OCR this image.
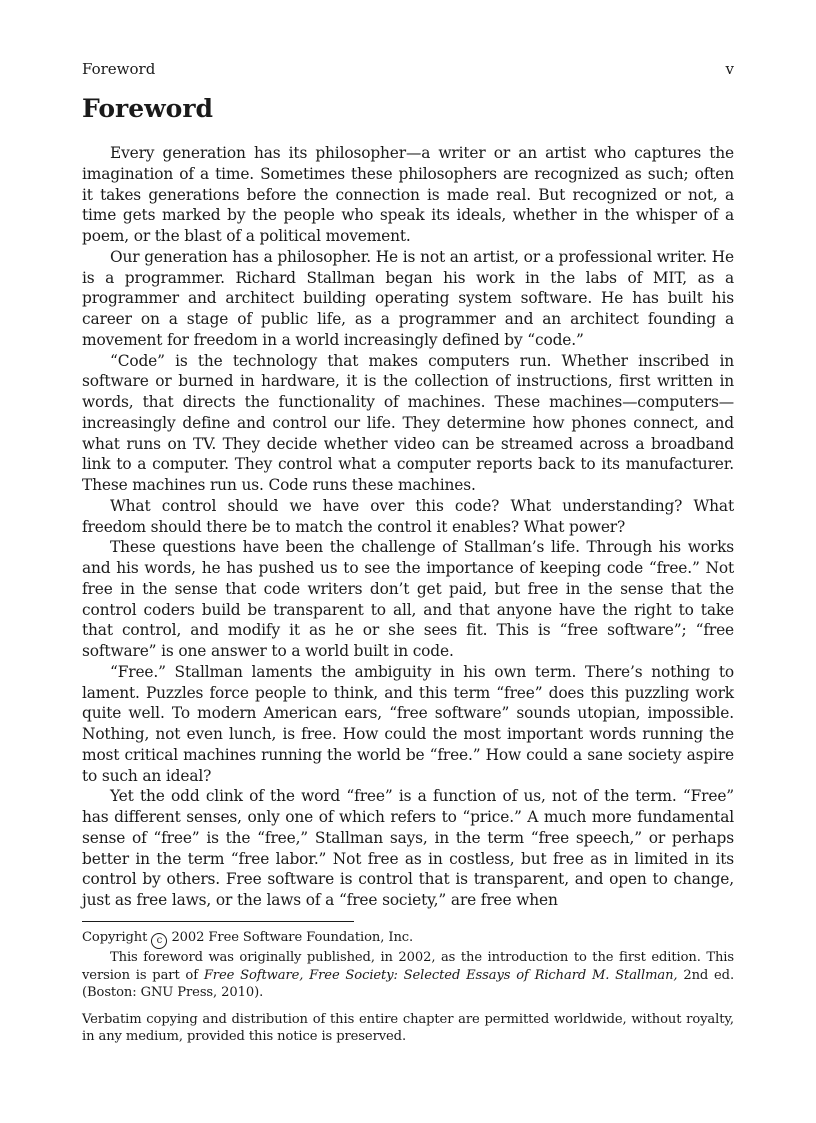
Foreword	v
Foreword

Every generation has its philosopher—a writer or an artist who captures the imagination of a time. Sometimes these philosophers are recognized as such; often it takes generations before the connection is made real. But recognized or not, a time gets marked by the people who speak its ideals, whether in the whisper of a poem, or the blast of a political movement.

Our generation has a philosopher. He is not an artist, or a professional writer. He is a programmer. Richard Stallman began his work in the labs of MIT, as a programmer and architect building operating system software. He has built his career on a stage of public life, as a programmer and an architect founding a movement for freedom in a world increasingly defined by “code.”

“Code” is the technology that makes computers run. Whether inscribed in software or burned in hardware, it is the collection of instructions, first written in words, that directs the functionality of machines. These machines—computers—increasingly define and control our life. They determine how phones connect, and what runs on TV. They decide whether video can be streamed across a broadband link to a computer. They control what a computer reports back to its manufacturer. These machines run us. Code runs these machines.

What control should we have over this code? What understanding? What freedom should there be to match the control it enables? What power?

These questions have been the challenge of Stallman’s life. Through his works and his words, he has pushed us to see the importance of keeping code “free.” Not free in the sense that code writers don’t get paid, but free in the sense that the control coders build be transparent to all, and that anyone have the right to take that control, and modify it as he or she sees fit. This is “free software”; “free software” is one answer to a world built in code.

“Free.” Stallman laments the ambiguity in his own term. There’s nothing to lament. Puzzles force people to think, and this term “free” does this puzzling work quite well. To modern American ears, “free software” sounds utopian, impossible. Nothing, not even lunch, is free. How could the most important words running the most critical machines running the world be “free.” How could a sane society aspire to such an ideal?

Yet the odd clink of the word “free” is a function of us, not of the term. “Free” has different senses, only one of which refers to “price.” A much more fundamental sense of “free” is the “free,” Stallman says, in the term “free speech,” or perhaps better in the term “free labor.” Not free as in costless, but free as in limited in its control by others. Free software is control that is transparent, and open to change, just as free laws, or the laws of a “free society,” are free when

Copyright c 2002 Free Software Foundation, Inc.

This foreword was originally published, in 2002, as the introduction to the first edition. This version is part of Free Software, Free Society: Selected Essays of Richard M. Stallman, 2nd ed. (Boston: GNU Press, 2010).

Verbatim copying and distribution of this entire chapter are permitted worldwide, without royalty, in any medium, provided this notice is preserved.
